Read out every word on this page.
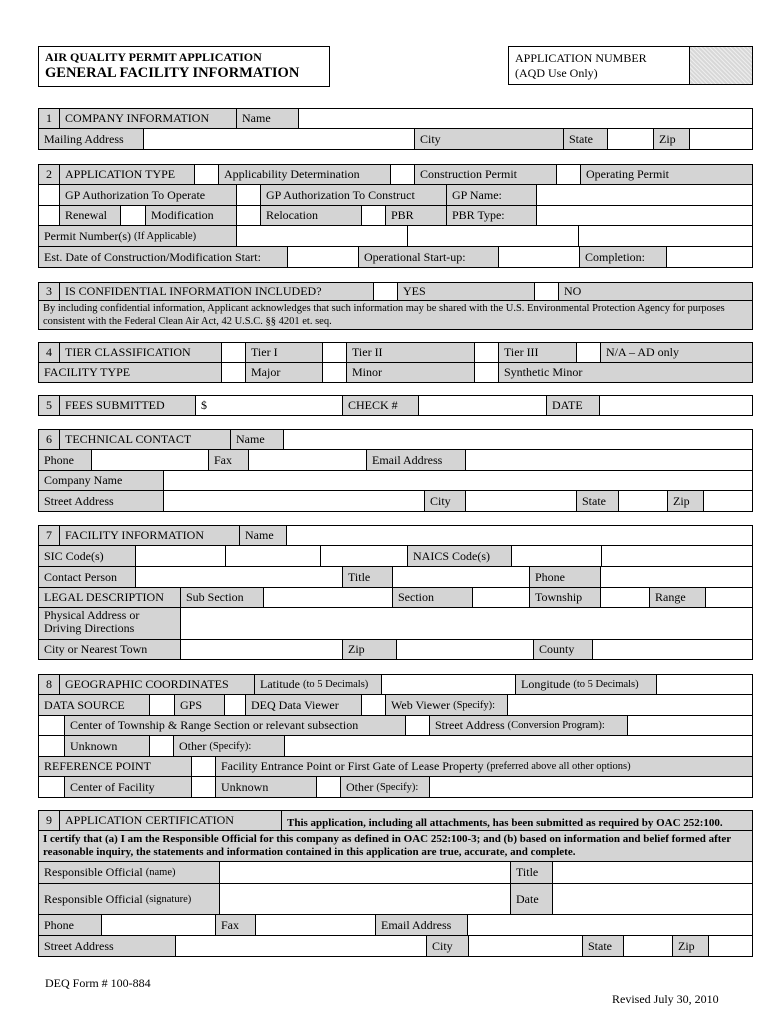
AIR QUALITY PERMIT APPLICATION
GENERAL FACILITY INFORMATION
APPLICATION NUMBER
(AQD Use Only)
1	COMPANY INFORMATION	Name
Mailing Address	City	State	Zip
2	APPLICATION TYPE	Applicability Determination	Construction Permit	Operating Permit
GP Authorization To Operate	GP Authorization To Construct	GP Name:
Renewal	Modification	Relocation	PBR	PBR Type:
Permit Number(s) (If Applicable)
Est. Date of Construction/Modification Start:	Operational Start-up:	Completion:
3	IS CONFIDENTIAL INFORMATION INCLUDED?	YES	NO
By including confidential information, Applicant acknowledges that such information may be shared with the U.S. Environmental Protection Agency for purposes consistent with the Federal Clean Air Act, 42 U.S.C. §§ 4201 et. seq.
4	TIER CLASSIFICATION	Tier I	Tier II	Tier III	N/A – AD only
FACILITY TYPE	Major	Minor	Synthetic Minor
5	FEES SUBMITTED	$	CHECK #	DATE
6	TECHNICAL CONTACT	Name
Phone	Fax	Email Address
Company Name
Street Address	City	State	Zip
7	FACILITY INFORMATION	Name
SIC Code(s)	NAICS Code(s)
Contact Person	Title	Phone
LEGAL DESCRIPTION	Sub Section	Section	Township	Range
Physical Address or
Driving Directions
City or Nearest Town	Zip	County
8	GEOGRAPHIC COORDINATES	Latitude (to 5 Decimals)	Longitude (to 5 Decimals)
DATA SOURCE	GPS	DEQ Data Viewer	Web Viewer (Specify):
Center of Township & Range Section or relevant subsection	Street Address (Conversion Program):
Unknown	Other (Specify):
REFERENCE POINT	Facility Entrance Point or First Gate of Lease Property (preferred above all other options)
Center of Facility	Unknown	Other (Specify):
9	APPLICATION CERTIFICATION	This application, including all attachments, has been submitted as required by OAC 252:100.
I certify that (a) I am the Responsible Official for this company as defined in OAC 252:100-3; and (b) based on information and belief formed after reasonable inquiry, the statements and information contained in this application are true, accurate, and complete.
Responsible Official (name)	Title
Responsible Official (signature)	Date
Phone	Fax	Email Address
Street Address	City	State	Zip
DEQ Form # 100-884
Revised July 30, 2010
